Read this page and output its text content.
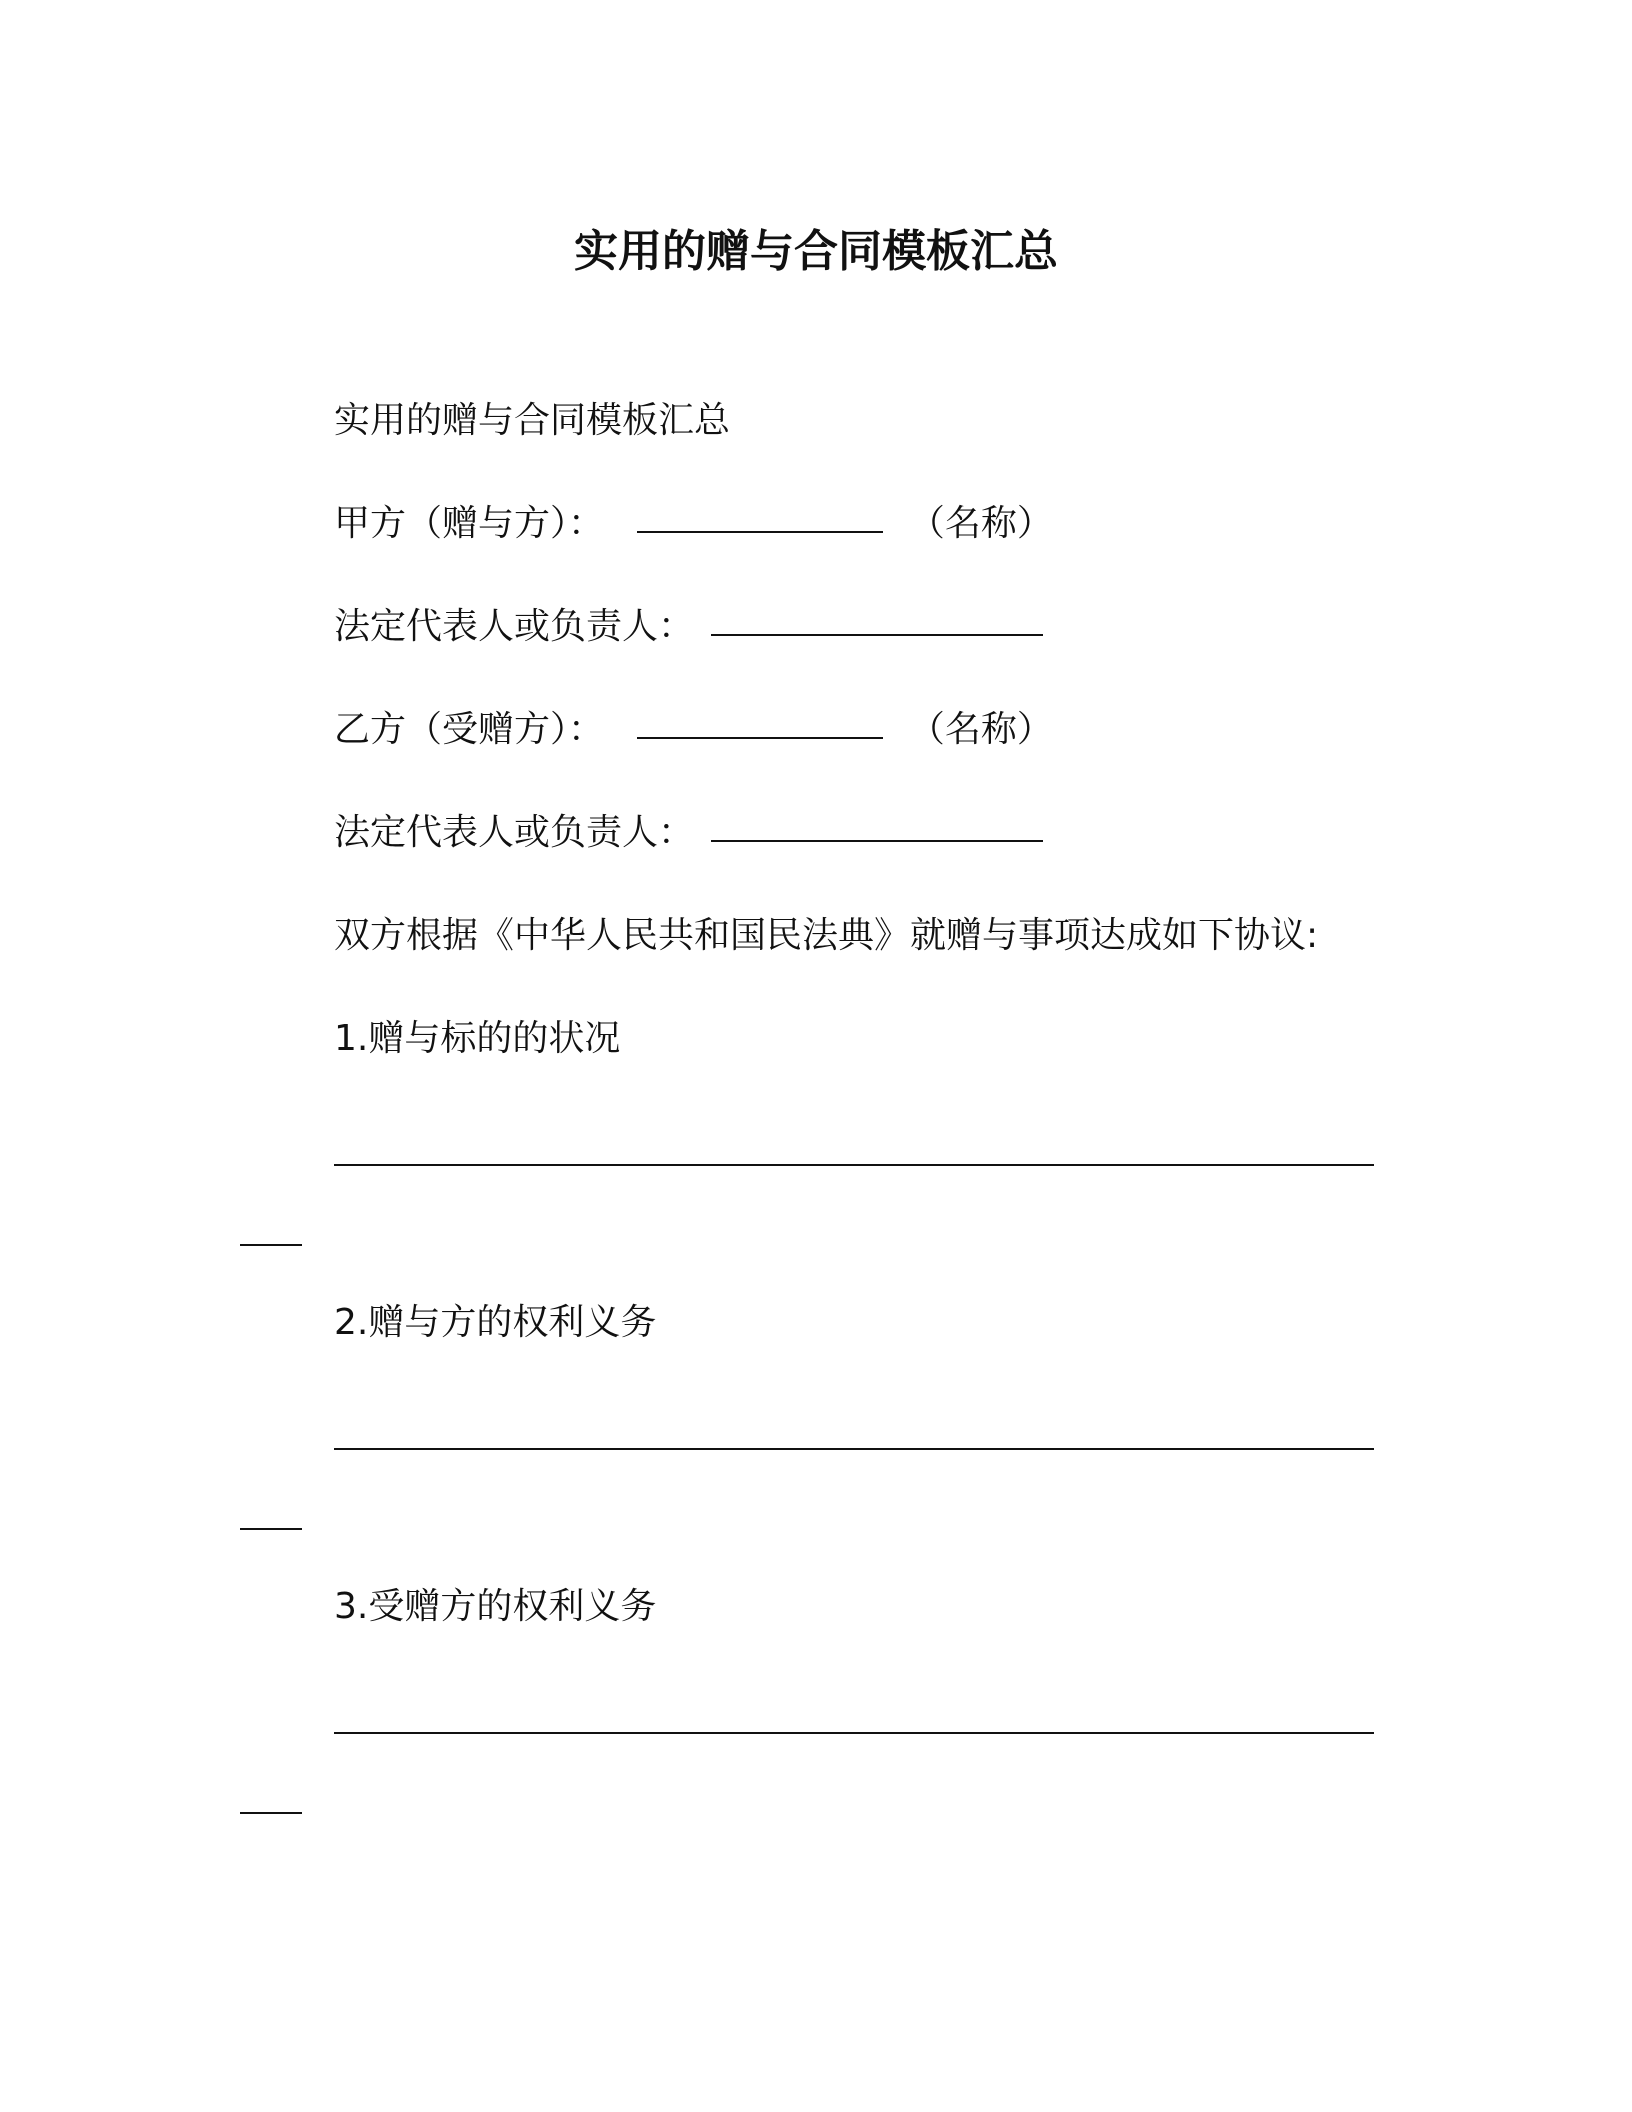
实用的赠与合同模板汇总
实用的赠与合同模板汇总
甲方（赠与方）：	（名称）
法定代表人或负责人：
乙方（受赠方）：	（名称）
法定代表人或负责人：
双方根据《中华人民共和国民法典》就赠与事项达成如下协议:
1.赠与标的的状况
2.赠与方的权利义务
3.受赠方的权利义务
